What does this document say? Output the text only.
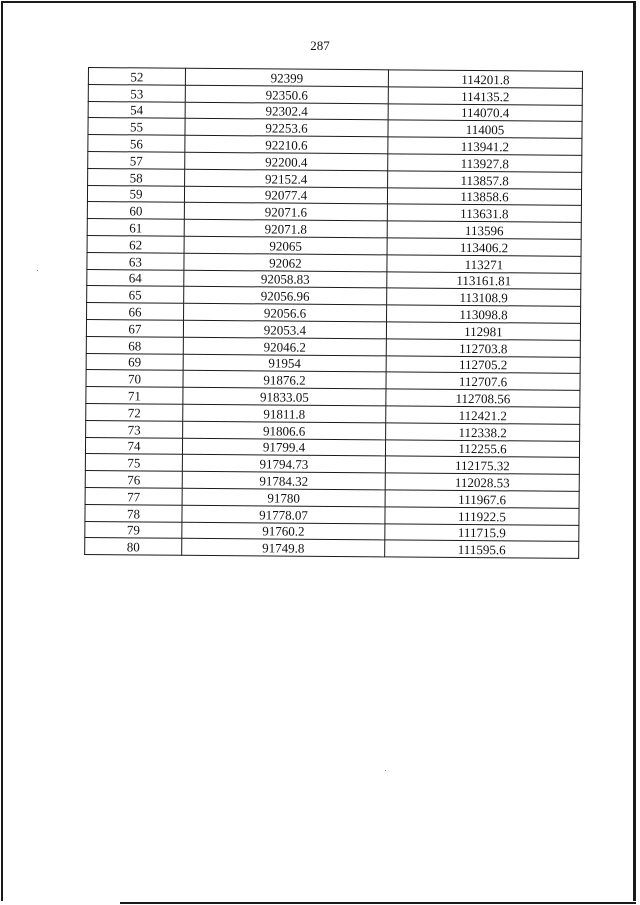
287
52	92399	114201.8
53	92350.6	114135.2
54	92302.4	114070.4
55	92253.6	114005
56	92210.6	113941.2
57	92200.4	113927.8
58	92152.4	113857.8
59	92077.4	113858.6
60	92071.6	113631.8
61	92071.8	113596
62	92065	113406.2
63	92062	113271
64	92058.83	113161.81
65	92056.96	113108.9
66	92056.6	113098.8
67	92053.4	112981
68	92046.2	112703.8
69	91954	112705.2
70	91876.2	112707.6
71	91833.05	112708.56
72	91811.8	112421.2
73	91806.6	112338.2
74	91799.4	112255.6
75	91794.73	112175.32
76	91784.32	112028.53
77	91780	111967.6
78	91778.07	111922.5
79	91760.2	111715.9
80	91749.8	111595.6
